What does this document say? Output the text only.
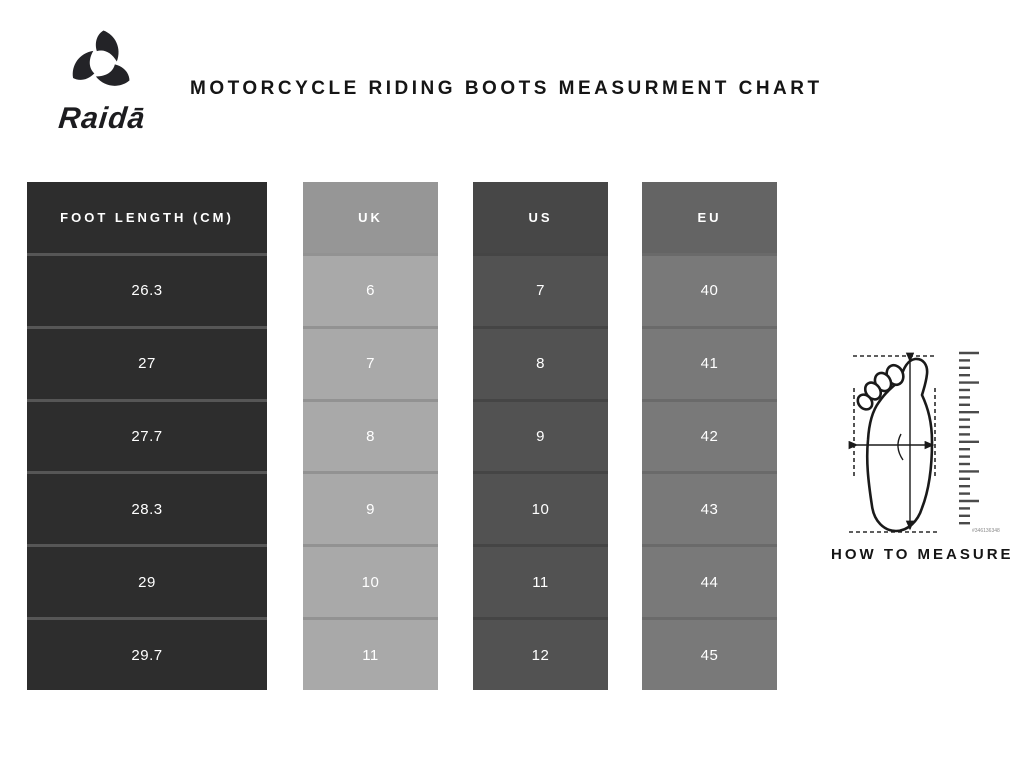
Raidā
MOTORCYCLE RIDING BOOTS MEASURMENT CHART
FOOT LENGTH (CM)
26.3
27
27.7
28.3
29
29.7
UK
6
7
8
9
10
11
US
7
8
9
10
11
12
EU
40
41
42
43
44
45
#346136348
HOW TO MEASURE
